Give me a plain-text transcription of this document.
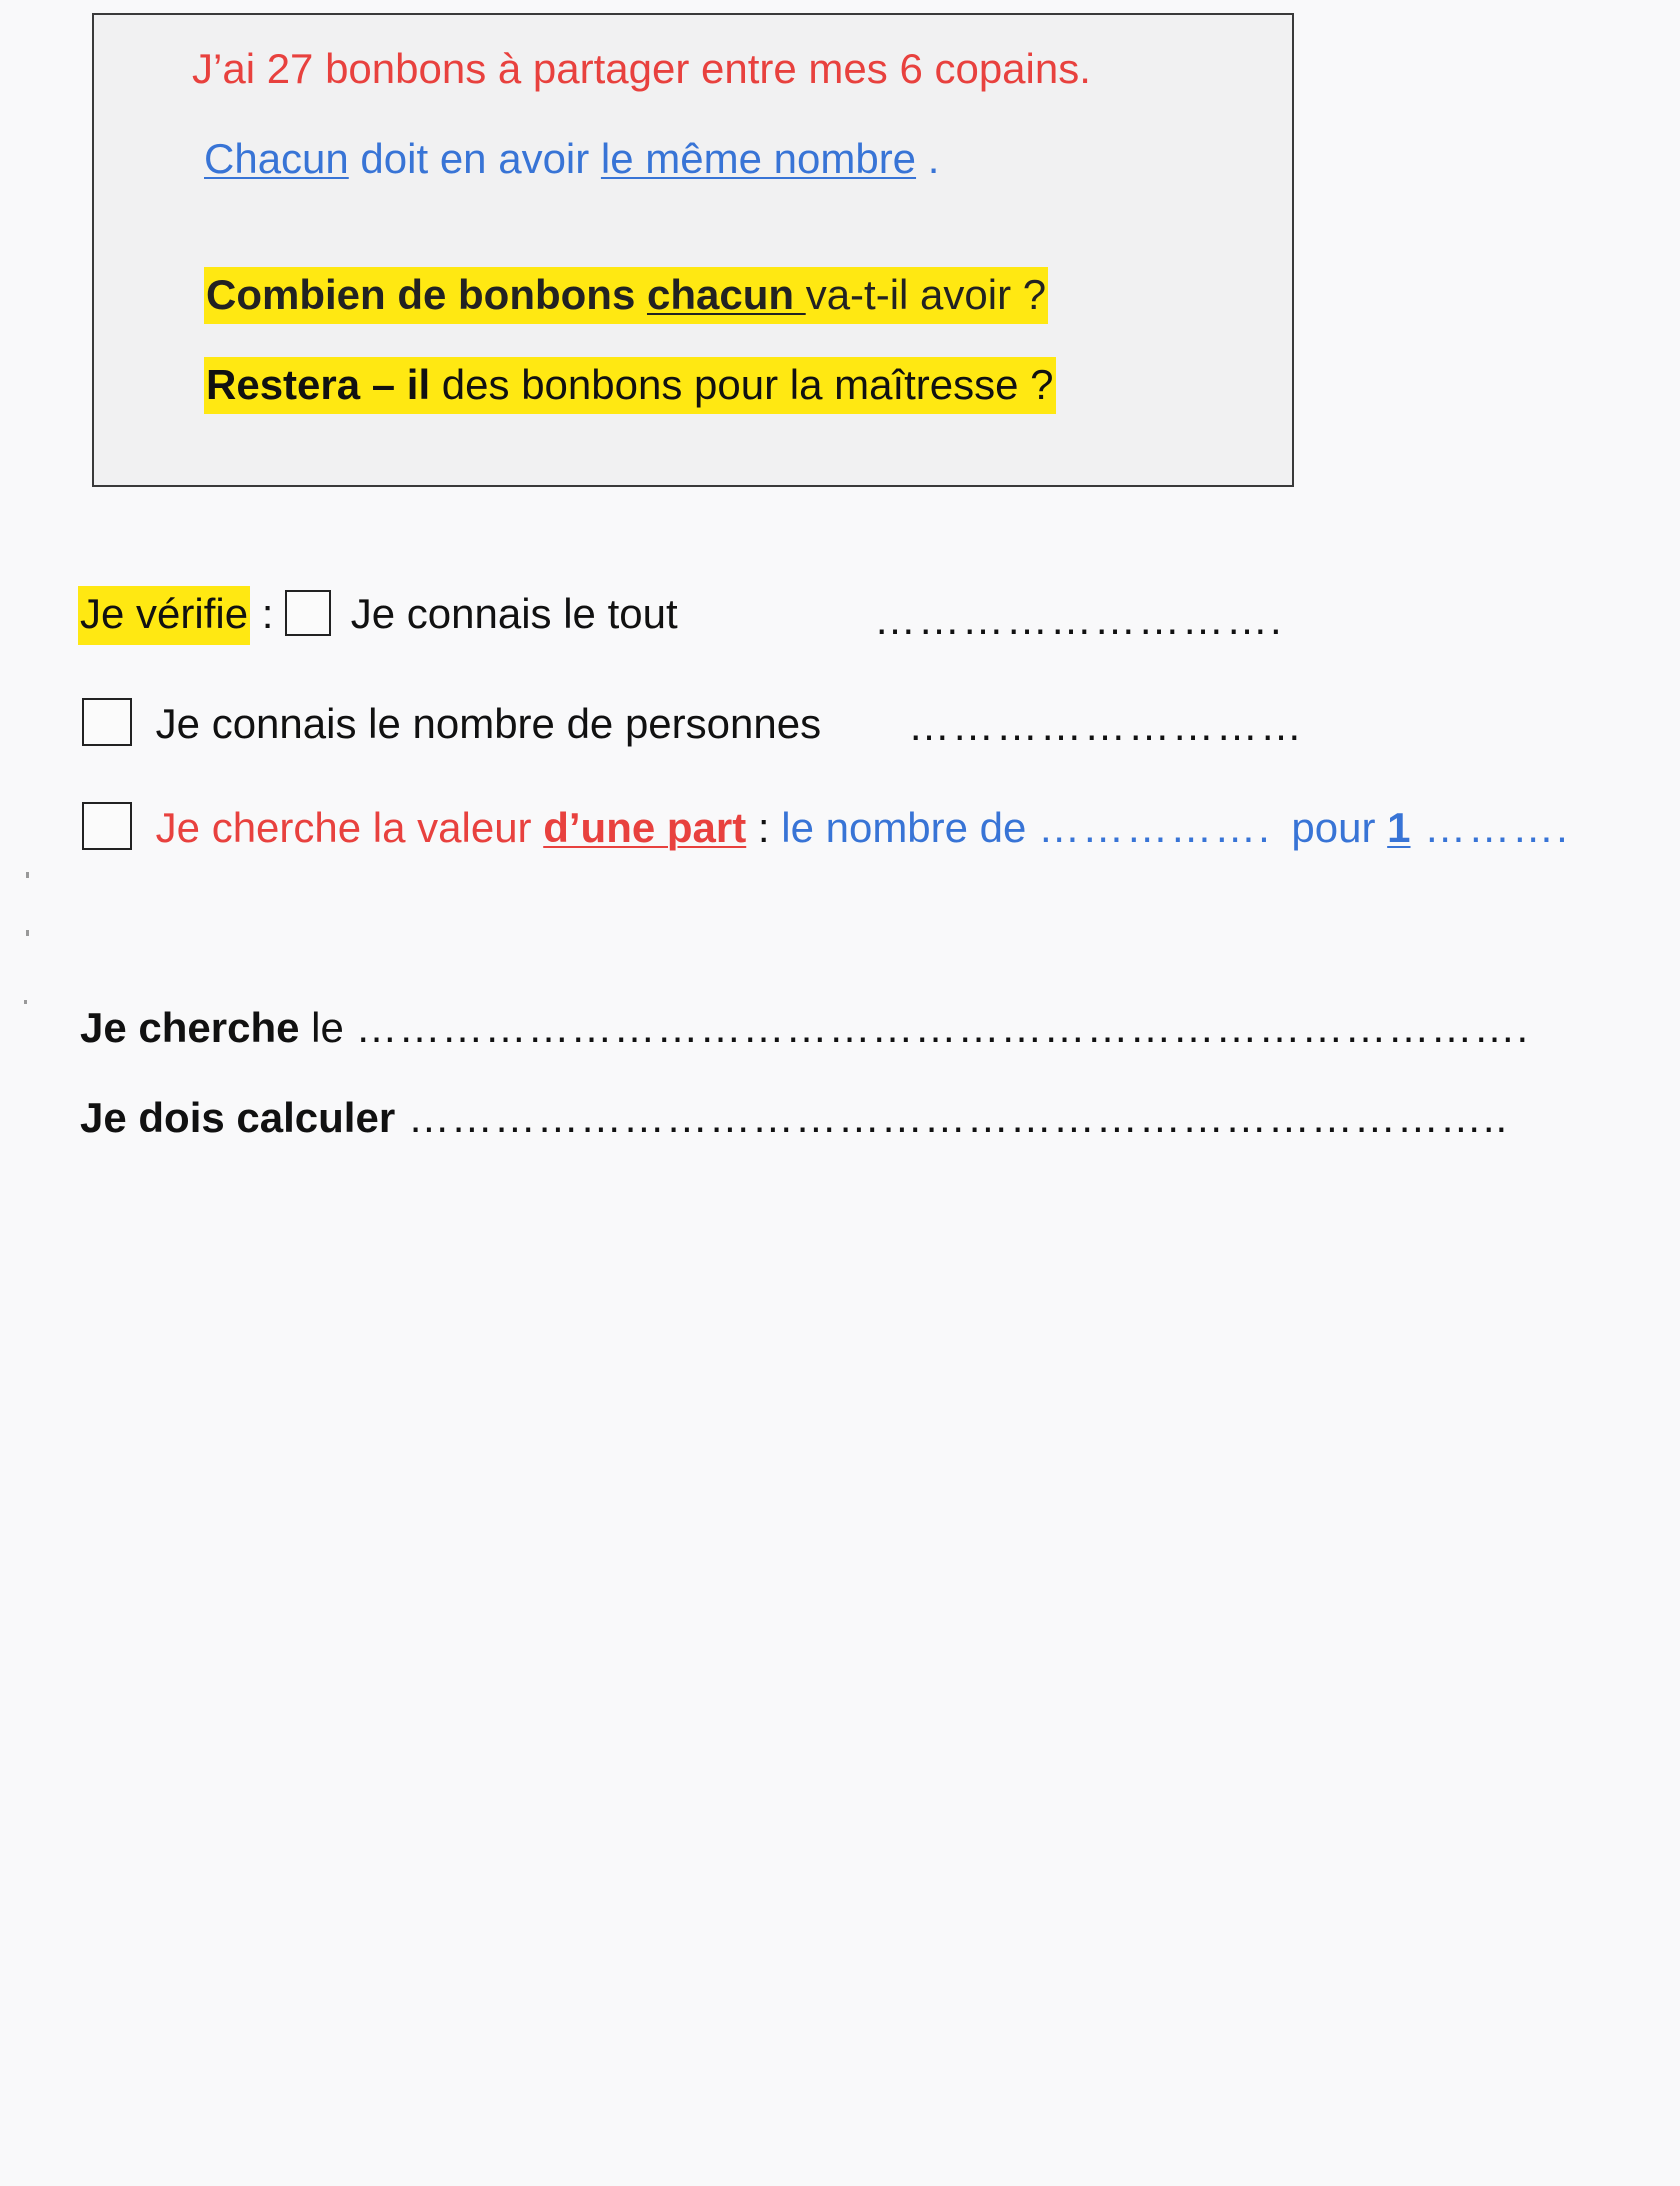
J’ai 27 bonbons à partager entre mes 6 copains.
Chacun doit en avoir le même nombre .
Combien de bonbons chacun va-t-il avoir ?
Restera – il des bonbons pour la maîtresse ?
Je vérifie :  Je connais le tout	……………………….
Je connais le nombre de personnes ………………………
Je cherche la valeur d’une part : le nombre de ……………. pour 1 ……….
Je cherche le ……………………………………………………………………….
Je dois calculer …………………………………………………………………..
